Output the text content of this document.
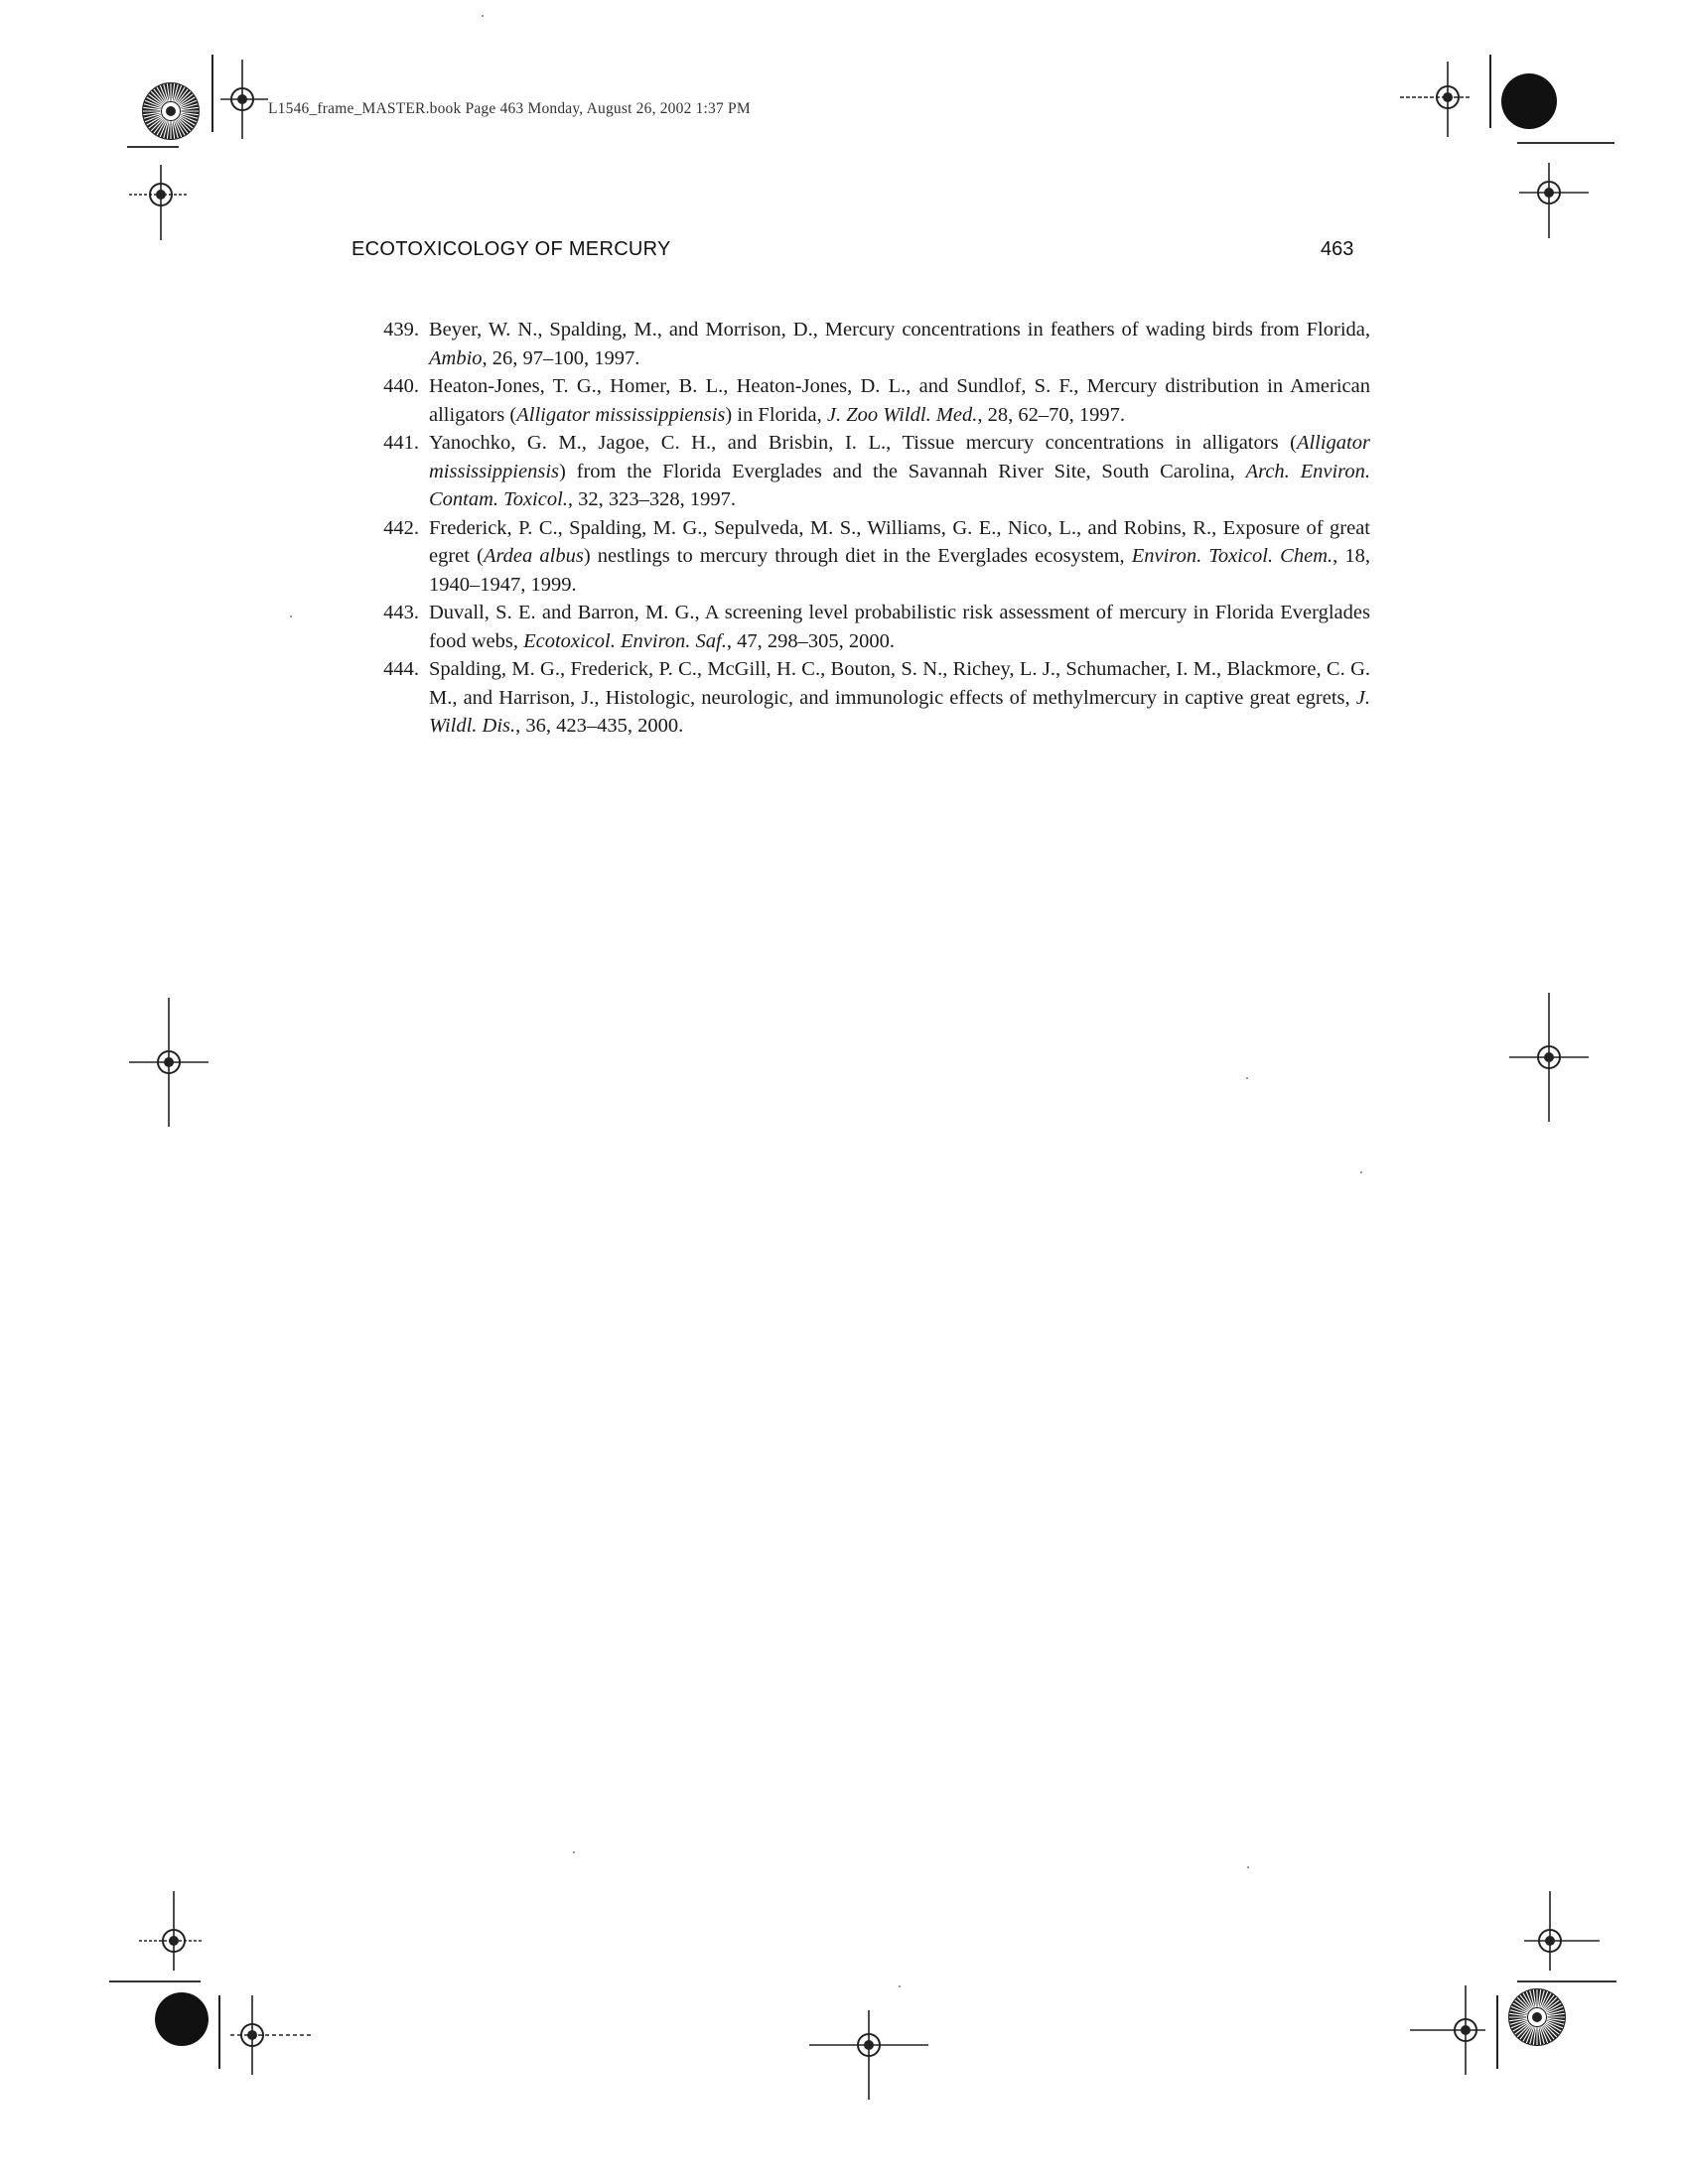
L1546_frame_MASTER.book Page 463 Monday, August 26, 2002 1:37 PM
ECOTOXICOLOGY OF MERCURY	463
439. Beyer, W. N., Spalding, M., and Morrison, D., Mercury concentrations in feathers of wading birds from Florida, Ambio, 26, 97–100, 1997.
440. Heaton-Jones, T. G., Homer, B. L., Heaton-Jones, D. L., and Sundlof, S. F., Mercury distribution in American alligators (Alligator mississippiensis) in Florida, J. Zoo Wildl. Med., 28, 62–70, 1997.
441. Yanochko, G. M., Jagoe, C. H., and Brisbin, I. L., Tissue mercury concentrations in alligators (Alligator mississippiensis) from the Florida Everglades and the Savannah River Site, South Carolina, Arch. Environ. Contam. Toxicol., 32, 323–328, 1997.
442. Frederick, P. C., Spalding, M. G., Sepulveda, M. S., Williams, G. E., Nico, L., and Robins, R., Exposure of great egret (Ardea albus) nestlings to mercury through diet in the Everglades ecosystem, Environ. Toxicol. Chem., 18, 1940–1947, 1999.
443. Duvall, S. E. and Barron, M. G., A screening level probabilistic risk assessment of mercury in Florida Everglades food webs, Ecotoxicol. Environ. Saf., 47, 298–305, 2000.
444. Spalding, M. G., Frederick, P. C., McGill, H. C., Bouton, S. N., Richey, L. J., Schumacher, I. M., Blackmore, C. G. M., and Harrison, J., Histologic, neurologic, and immunologic effects of methylmercury in captive great egrets, J. Wildl. Dis., 36, 423–435, 2000.
